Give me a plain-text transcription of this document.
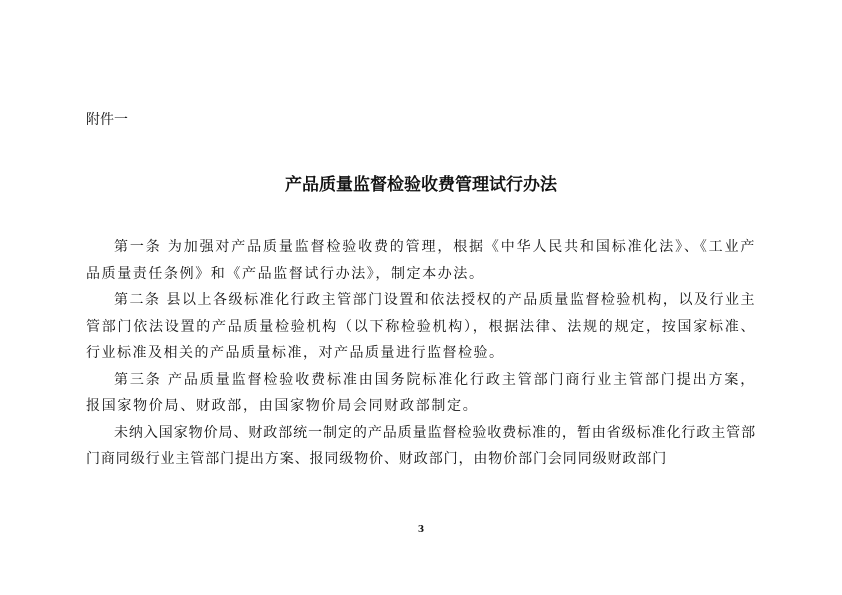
附件一
产品质量监督检验收费管理试行办法

第一条 为加强对产品质量监督检验收费的管理，根据《中华人民共和国标准化法》、《工业产品质量责任条例》和《产品监督试行办法》，制定本办法。

第二条 县以上各级标准化行政主管部门设置和依法授权的产品质量监督检验机构，以及行业主管部门依法设置的产品质量检验机构（以下称检验机构），根据法律、法规的规定，按国家标准、行业标准及相关的产品质量标准，对产品质量进行监督检验。

第三条 产品质量监督检验收费标准由国务院标准化行政主管部门商行业主管部门提出方案，报国家物价局、财政部，由国家物价局会同财政部制定。

未纳入国家物价局、财政部统一制定的产品质量监督检验收费标准的，暂由省级标准化行政主管部门商同级行业主管部门提出方案、报同级物价、财政部门，由物价部门会同同级财政部门

3
